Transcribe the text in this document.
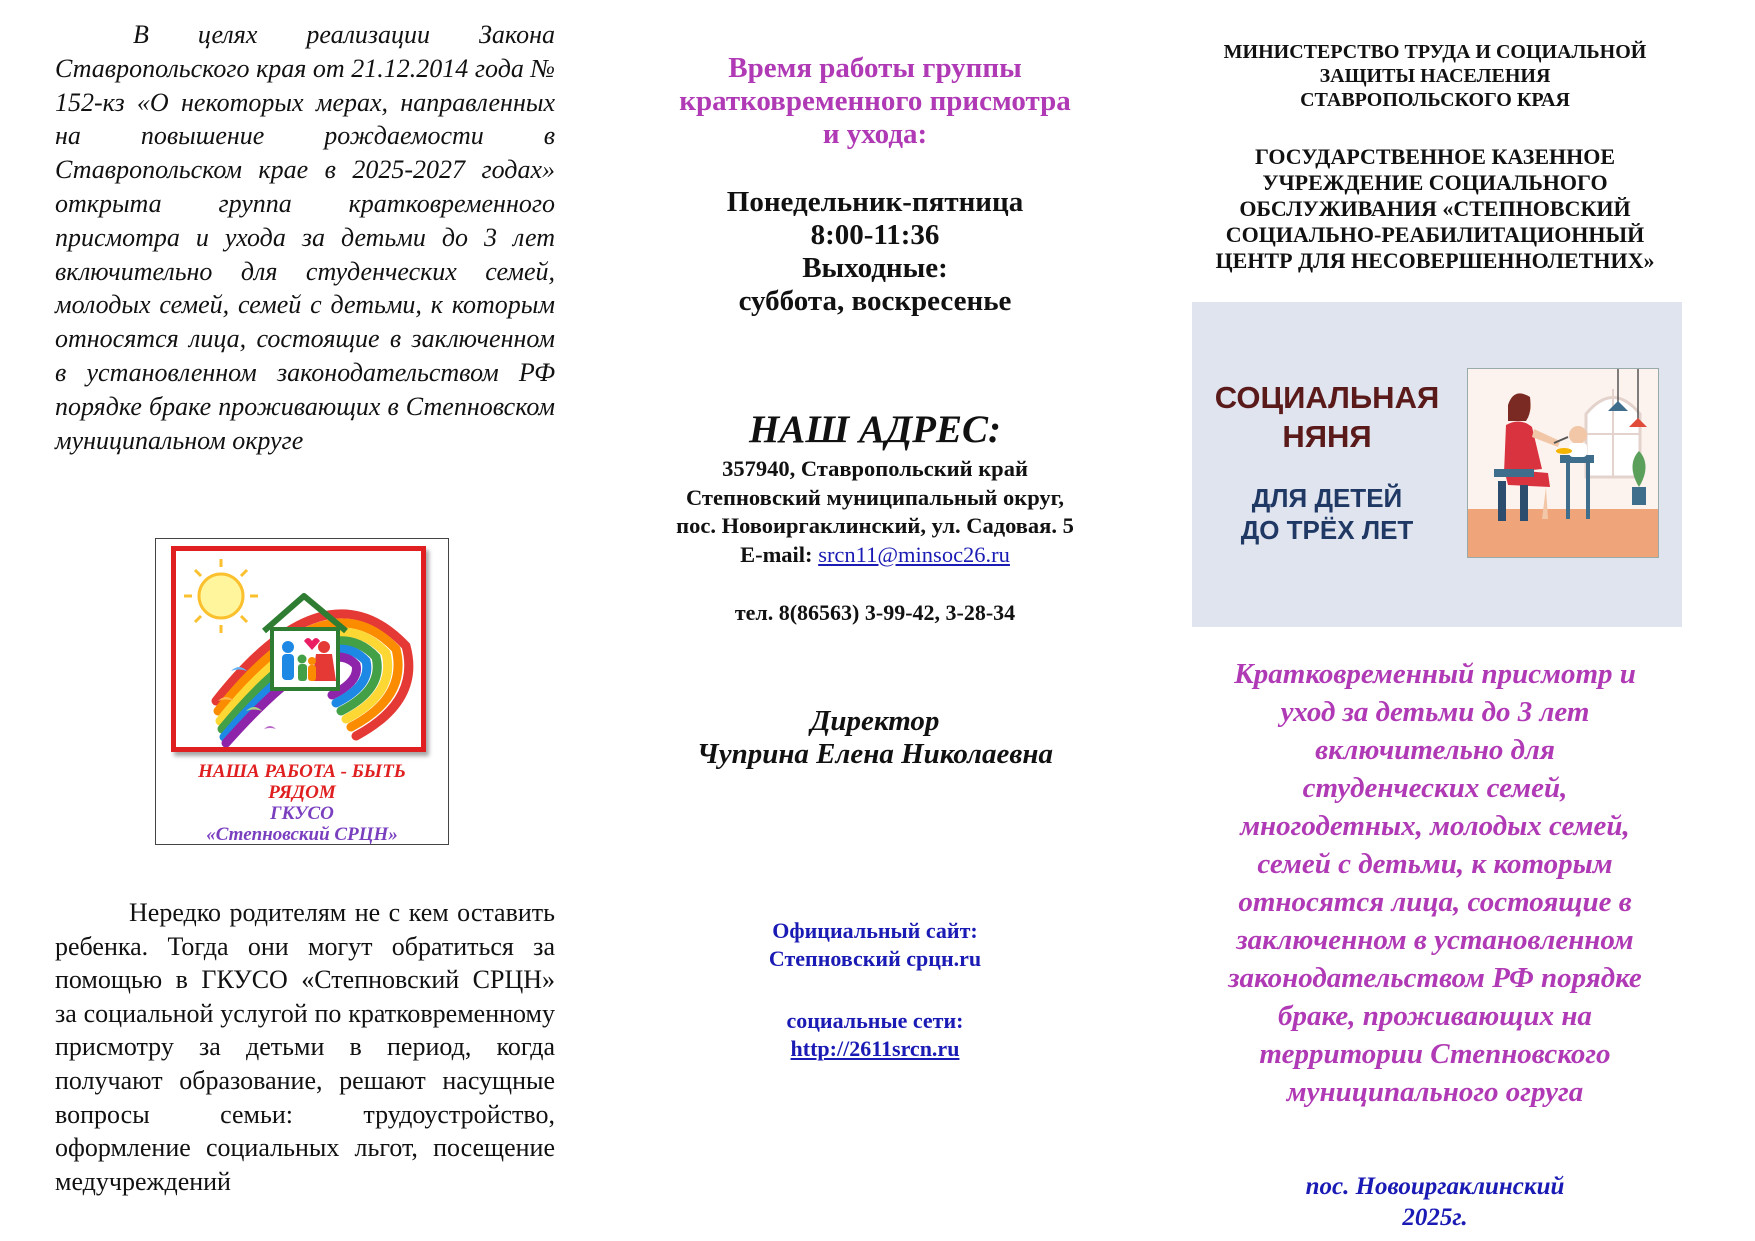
В целях реализации Закона Ставропольского края от 21.12.2014 года № 152-кз «О некоторых мерах, направленных на повышение рождаемости в Ставропольском крае в 2025-2027 годах» открыта группа кратковременного присмотра и ухода за детьми до 3 лет включительно для студенческих семей, молодых семей, семей с детьми, к которым относятся лица, состоящие в заключенном в установленном законодательством РФ порядке браке проживающих в Степновском муниципальном округе

НАША РАБОТА - БЫТЬ
РЯДОМ
ГКУСО
«Степновский СРЦН»

Нередко родителям не с кем оставить ребенка. Тогда они могут обратиться за помощью в ГКУСО «Степновский СРЦН» за социальной услугой по кратковременному присмотру за детьми в период, когда получают образование, решают насущные вопросы семьи: трудоустройство, оформление социальных льгот, посещение медучреждений

Время работы группы
кратковременного присмотра
и ухода:
Понедельник-пятница
8:00-11:36
Выходные:
суббота, воскресенье
НАШ АДРЕС:
357940, Ставропольский край
Степновский муниципальный округ,
пос. Новоиргаклинский, ул. Садовая. 5
E-mail: srcn11@minsoc26.ru
тел. 8(86563) 3-99-42, 3-28-34
Директор
Чуприна Елена Николаевна
Официальный сайт:
Степновский срцн.ru
социальные сети:
http://2611srcn.ru
МИНИСТЕРСТВО ТРУДА И СОЦИАЛЬНОЙ
ЗАЩИТЫ НАСЕЛЕНИЯ
СТАВРОПОЛЬСКОГО КРАЯ
ГОСУДАРСТВЕННОЕ КАЗЕННОЕ
УЧРЕЖДЕНИЕ СОЦИАЛЬНОГО
ОБСЛУЖИВАНИЯ «СТЕПНОВСКИЙ
СОЦИАЛЬНО-РЕАБИЛИТАЦИОННЫЙ
ЦЕНТР ДЛЯ НЕСОВЕРШЕННОЛЕТНИХ»
СОЦИАЛЬНАЯ
НЯНЯ
ДЛЯ ДЕТЕЙ
ДО ТРЁХ ЛЕТ
Кратковременный присмотр и
уход за детьми до 3 лет
включительно для
студенческих семей,
многодетных, молодых семей,
семей с детьми, к которым
относятся лица, состоящие в
заключенном в установленном
законодательством РФ порядке
браке, проживающих на
территории Степновского
муниципального огруга
пос. Новоиргаклинский
2025г.
